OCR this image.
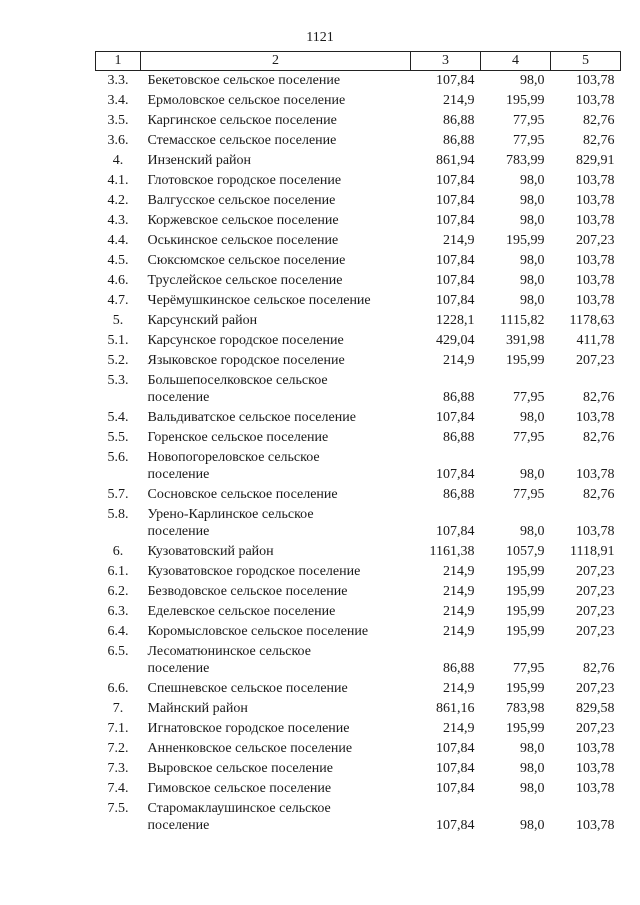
1121
1	2	3	4	5
3.3.	Бекетовское сельское поселение	107,84	98,0	103,78
3.4.	Ермоловское сельское поселение	214,9	195,99	103,78
3.5.	Каргинское сельское поселение	86,88	77,95	82,76
3.6.	Стемасское сельское поселение	86,88	77,95	82,76
4.	Инзенский район	861,94	783,99	829,91
4.1.	Глотовское городское поселение	107,84	98,0	103,78
4.2.	Валгусское сельское поселение	107,84	98,0	103,78
4.3.	Коржевское сельское поселение	107,84	98,0	103,78
4.4.	Оськинское сельское поселение	214,9	195,99	207,23
4.5.	Сюксюмское сельское поселение	107,84	98,0	103,78
4.6.	Труслейское сельское поселение	107,84	98,0	103,78
4.7.	Черёмушкинское сельское поселение	107,84	98,0	103,78
5.	Карсунский район	1228,1	1115,82	1178,63
5.1.	Карсунское городское поселение	429,04	391,98	411,78
5.2.	Языковское городское поселение	214,9	195,99	207,23
5.3.	Большепоселковское сельское
поселение	86,88	77,95	82,76
5.4.	Вальдиватское сельское поселение	107,84	98,0	103,78
5.5.	Горенское сельское поселение	86,88	77,95	82,76
5.6.	Новопогореловское сельское
поселение	107,84	98,0	103,78
5.7.	Сосновское сельское поселение	86,88	77,95	82,76
5.8.	Урено-Карлинское сельское
поселение	107,84	98,0	103,78
6.	Кузоватовский район	1161,38	1057,9	1118,91
6.1.	Кузоватовское городское поселение	214,9	195,99	207,23
6.2.	Безводовское сельское поселение	214,9	195,99	207,23
6.3.	Еделевское сельское поселение	214,9	195,99	207,23
6.4.	Коромысловское сельское поселение	214,9	195,99	207,23
6.5.	Лесоматюнинское сельское
поселение	86,88	77,95	82,76
6.6.	Спешневское сельское поселение	214,9	195,99	207,23
7.	Майнский район	861,16	783,98	829,58
7.1.	Игнатовское городское поселение	214,9	195,99	207,23
7.2.	Анненковское сельское поселение	107,84	98,0	103,78
7.3.	Выровское сельское поселение	107,84	98,0	103,78
7.4.	Гимовское сельское поселение	107,84	98,0	103,78
7.5.	Старомаклаушинское сельское
поселение	107,84	98,0	103,78
